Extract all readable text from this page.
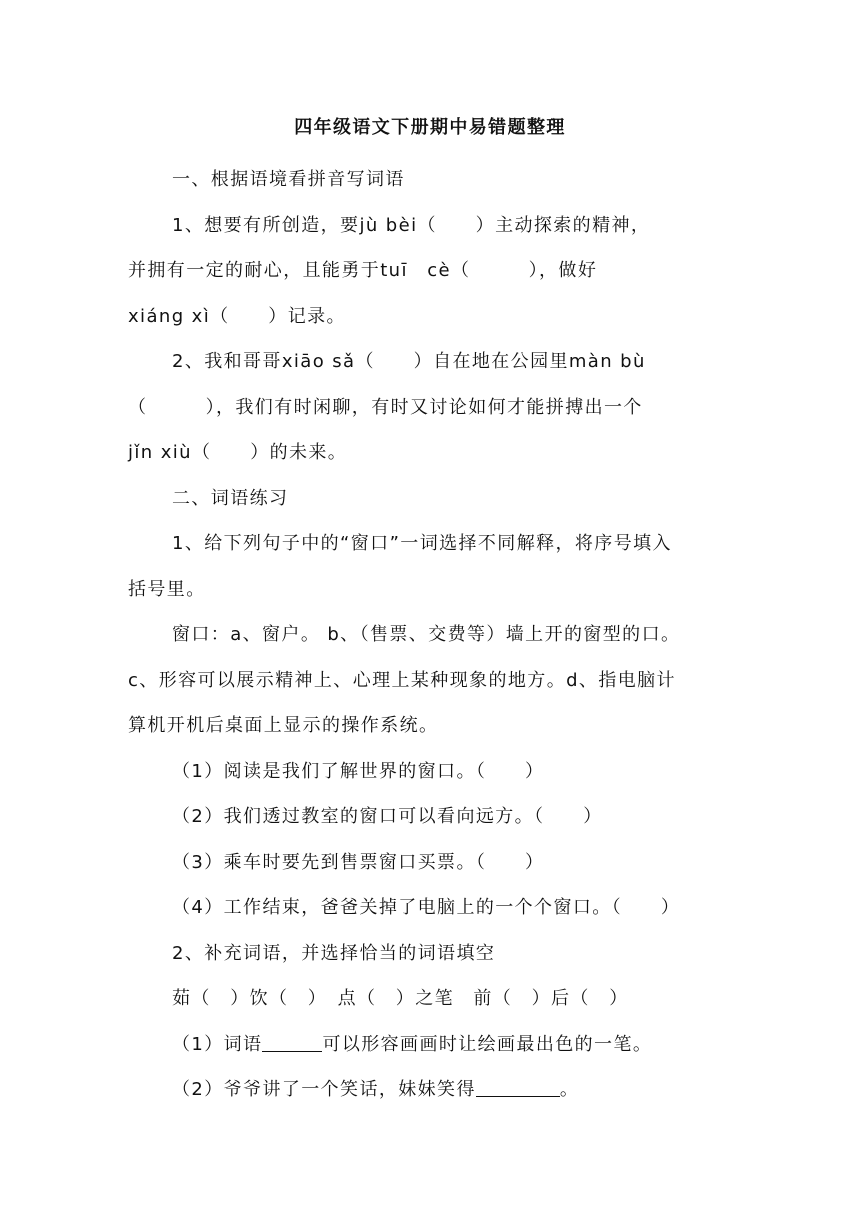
四年级语文下册期中易错题整理

一、根据语境看拼音写词语

1、想要有所创造，要jù bèi（　　）主动探索的精神，

并拥有一定的耐心，且能勇于tuī　cè（　　　），做好

xiáng xì（　　）记录。

2、我和哥哥xiāo sǎ（　　）自在地在公园里màn bù

（　　　），我们有时闲聊，有时又讨论如何才能拼搏出一个

jǐn xiù（　　）的未来。

二、词语练习

1、给下列句子中的“窗口”一词选择不同解释，将序号填入

括号里。

窗口：a、窗户。 b、（售票、交费等）墙上开的窗型的口。

c、形容可以展示精神上、心理上某种现象的地方。d、指电脑计

算机开机后桌面上显示的操作系统。

（1）阅读是我们了解世界的窗口。（　　）

（2）我们透过教室的窗口可以看向远方。（　　）

（3）乘车时要先到售票窗口买票。（　　）

（4）工作结束，爸爸关掉了电脑上的一个个窗口。（　　）

2、补充词语，并选择恰当的词语填空

茹（　）饮（　）　点（　）之笔　前（　）后（　）

（1）词语	可以形容画画时让绘画最出色的一笔。

（2）爷爷讲了一个笑话，妹妹笑得	。
